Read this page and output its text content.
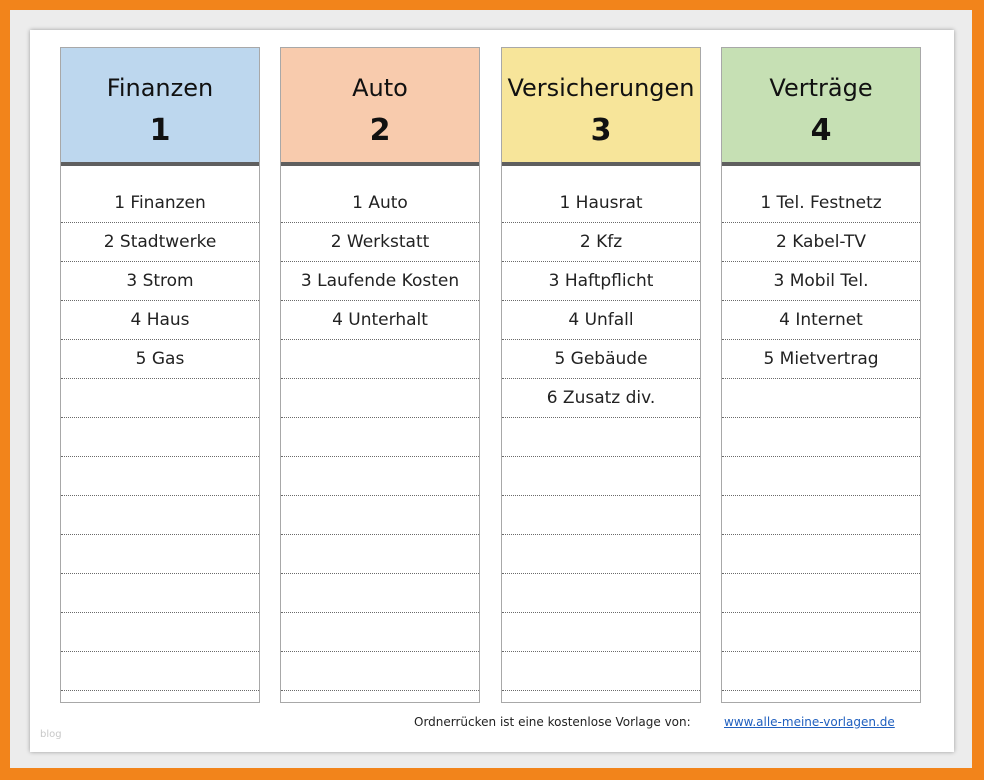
Finanzen
1
1 Finanzen
2 Stadtwerke
3 Strom
4 Haus
5 Gas
Auto
2
1 Auto
2 Werkstatt
3 Laufende Kosten
4 Unterhalt
Versicherungen
3
1 Hausrat
2 Kfz
3 Haftpflicht
4 Unfall
5 Gebäude
6 Zusatz div.
Verträge
4
1 Tel. Festnetz
2 Kabel-TV
3 Mobil Tel.
4 Internet
5 Mietvertrag
Ordnerrücken ist eine kostenlose Vorlage von:	www.alle-meine-vorlagen.de
blog
